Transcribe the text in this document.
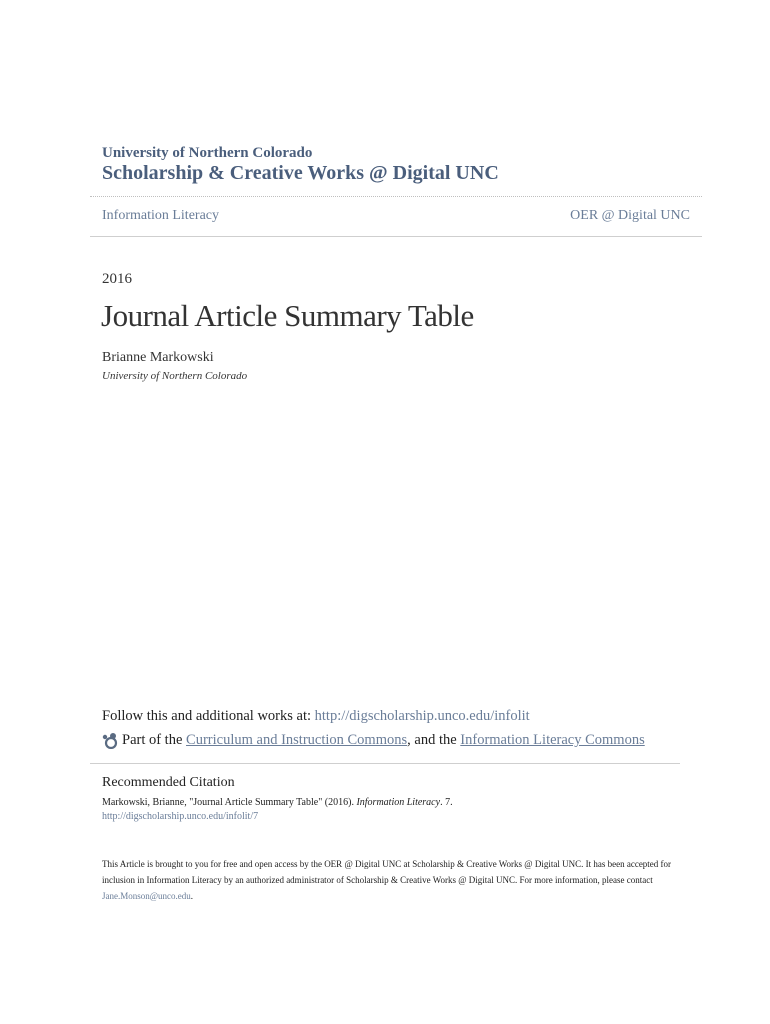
University of Northern Colorado
Scholarship & Creative Works @ Digital UNC
Information Literacy	OER @ Digital UNC
2016
Journal Article Summary Table
Brianne Markowski
University of Northern Colorado
Follow this and additional works at: http://digscholarship.unco.edu/infolit
Part of the Curriculum and Instruction Commons , and the Information Literacy Commons
Recommended Citation
Markowski, Brianne, "Journal Article Summary Table" (2016). Information Literacy. 7.
http://digscholarship.unco.edu/infolit/7
This Article is brought to you for free and open access by the OER @ Digital UNC at Scholarship & Creative Works @ Digital UNC. It has been accepted for inclusion in Information Literacy by an authorized administrator of Scholarship & Creative Works @ Digital UNC. For more information, please contact Jane.Monson@unco.edu.
